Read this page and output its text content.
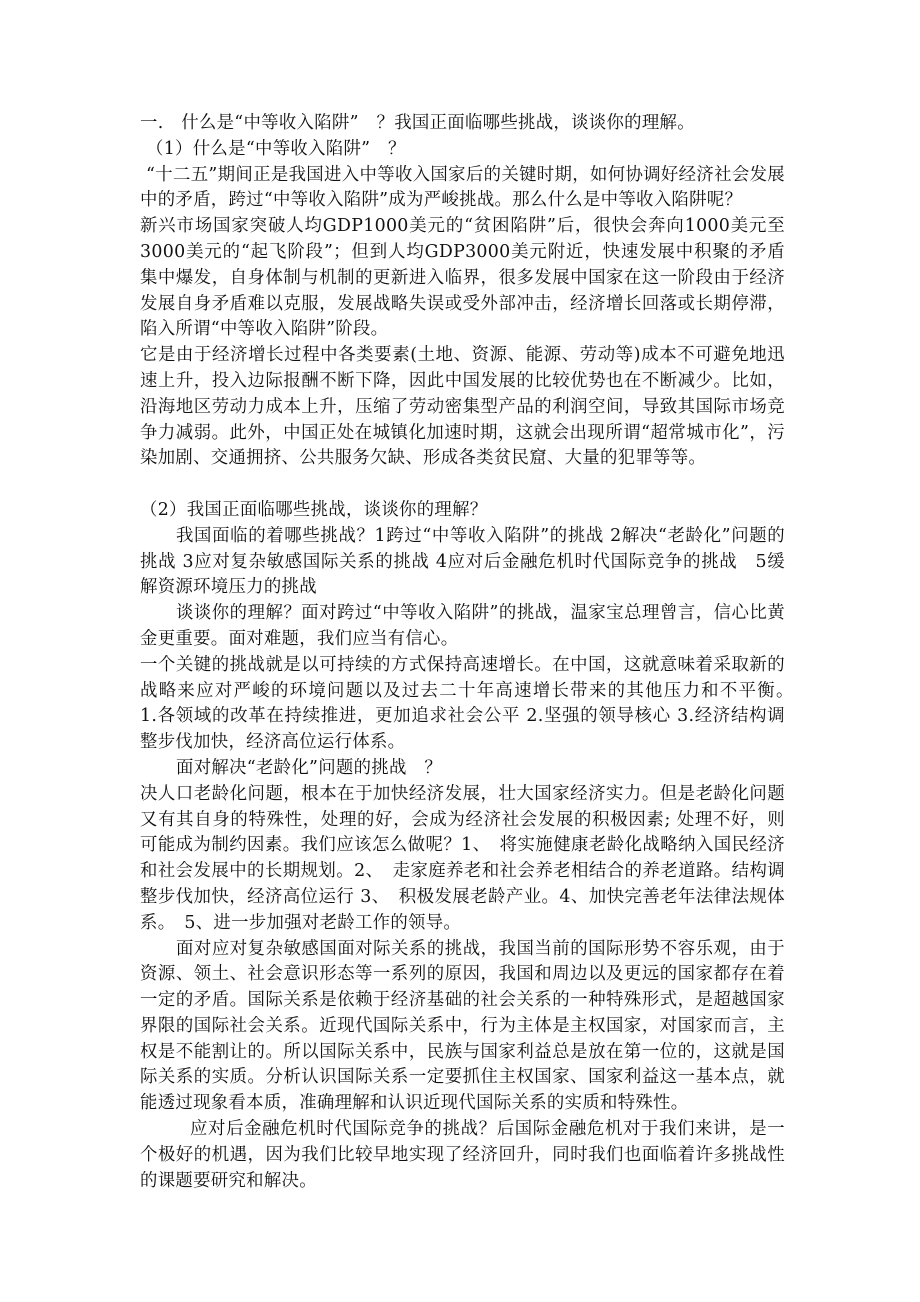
一.　什么是“中等收入陷阱”　？我国正面临哪些挑战，谈谈你的理解。

（1）什么是“中等收入陷阱”　？

“十二五”期间正是我国进入中等收入国家后的关键时期，如何协调好经济社会发展中的矛盾，跨过“中等收入陷阱”成为严峻挑战。那么什么是中等收入陷阱呢？

新兴市场国家突破人均GDP1000美元的“贫困陷阱”后，很快会奔向1000美元至3000美元的“起飞阶段”；但到人均GDP3000美元附近，快速发展中积聚的矛盾集中爆发，自身体制与机制的更新进入临界，很多发展中国家在这一阶段由于经济发展自身矛盾难以克服，发展战略失误或受外部冲击，经济增长回落或长期停滞，陷入所谓“中等收入陷阱”阶段。

它是由于经济增长过程中各类要素(土地、资源、能源、劳动等)成本不可避免地迅速上升，投入边际报酬不断下降，因此中国发展的比较优势也在不断减少。比如，沿海地区劳动力成本上升，压缩了劳动密集型产品的利润空间，导致其国际市场竞争力减弱。此外，中国正处在城镇化加速时期，这就会出现所谓“超常城市化”，污染加剧、交通拥挤、公共服务欠缺、形成各类贫民窟、大量的犯罪等等。

（2）我国正面临哪些挑战，谈谈你的理解？

我国面临的着哪些挑战？1跨过“中等收入陷阱”的挑战 2解决“老龄化”问题的挑战 3应对复杂敏感国际关系的挑战 4应对后金融危机时代国际竞争的挑战　5缓解资源环境压力的挑战

谈谈你的理解？面对跨过“中等收入陷阱”的挑战，温家宝总理曾言，信心比黄金更重要。面对难题，我们应当有信心。

一个关键的挑战就是以可持续的方式保持高速增长。在中国，这就意味着采取新的战略来应对严峻的环境问题以及过去二十年高速增长带来的其他压力和不平衡。　1.各领域的改革在持续推进，更加追求社会公平 2.坚强的领导核心 3.经济结构调整步伐加快，经济高位运行体系。

面对解决“老龄化”问题的挑战　？

决人口老龄化问题，根本在于加快经济发展，壮大国家经济实力。但是老龄化问题又有其自身的特殊性，处理的好，会成为经济社会发展的积极因素; 处理不好，则可能成为制约因素。我们应该怎么做呢？1、　将实施健康老龄化战略纳入国民经济和社会发展中的长期规划。2、　走家庭养老和社会养老相结合的养老道路。结构调整步伐加快，经济高位运行 3、　积极发展老龄产业。4、加快完善老年法律法规体系。　5、进一步加强对老龄工作的领导。

面对应对复杂敏感国面对际关系的挑战，我国当前的国际形势不容乐观，由于资源、领土、社会意识形态等一系列的原因，我国和周边以及更远的国家都存在着一定的矛盾。国际关系是依赖于经济基础的社会关系的一种特殊形式，是超越国家界限的国际社会关系。近现代国际关系中，行为主体是主权国家，对国家而言，主权是不能割让的。所以国际关系中，民族与国家利益总是放在第一位的，这就是国际关系的实质。分析认识国际关系一定要抓住主权国家、国家利益这一基本点，就能透过现象看本质，准确理解和认识近现代国际关系的实质和特殊性。

应对后金融危机时代国际竞争的挑战？后国际金融危机对于我们来讲，是一个极好的机遇，因为我们比较早地实现了经济回升，同时我们也面临着许多挑战性的课题要研究和解决。
